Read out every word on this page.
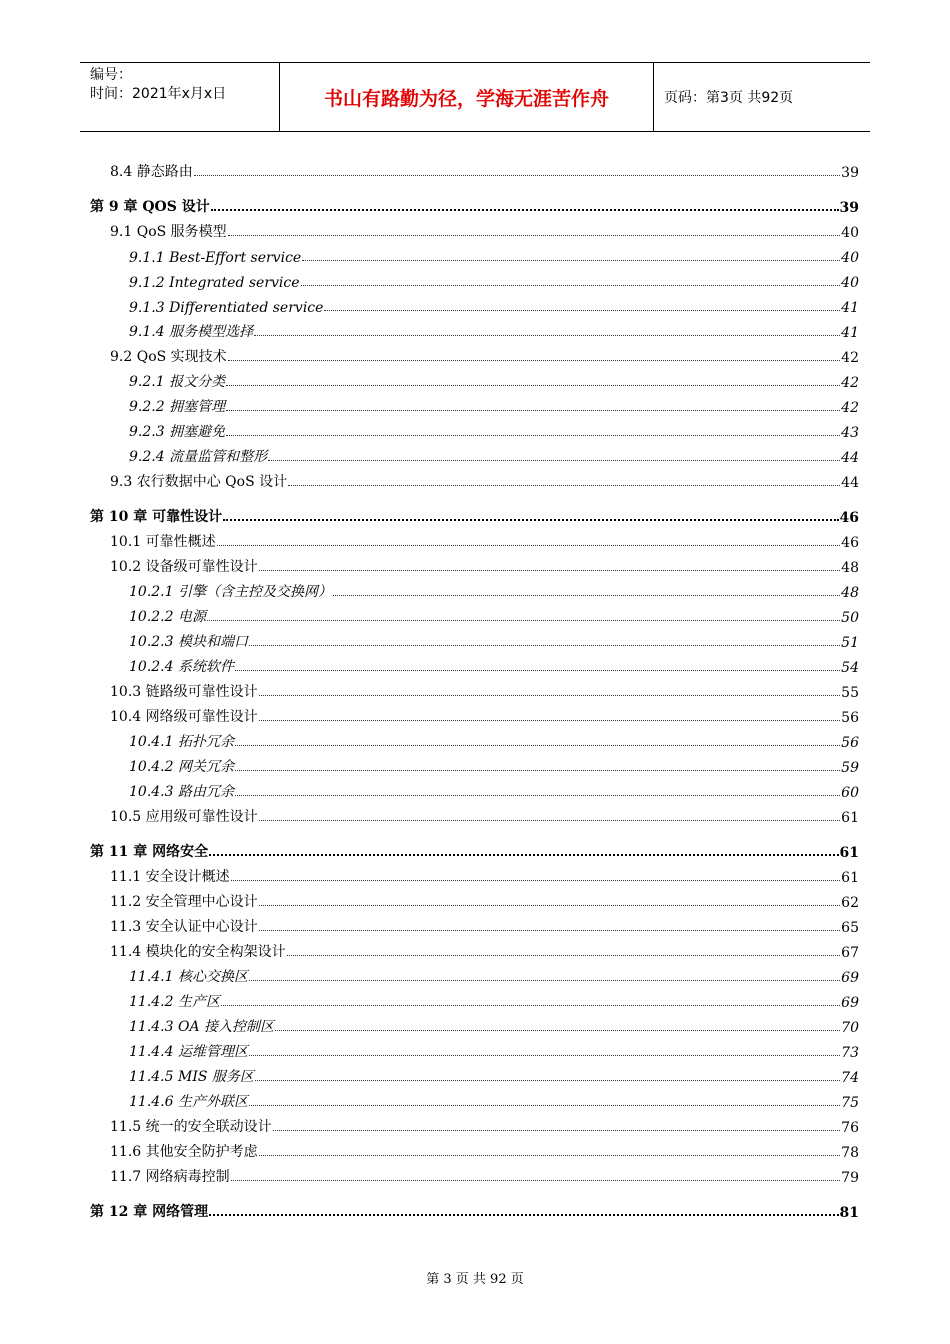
编号：
时间：2021年x月x日	书山有路勤为径，学海无涯苦作舟	页码：第3页 共92页
8.4 静态路由	39
第 9 章 QOS 设计	39
9.1 QoS 服务模型	40
9.1.1 Best-Effort service	40
9.1.2 Integrated service	40
9.1.3 Differentiated service	41
9.1.4 服务模型选择	41
9.2 QoS 实现技术	42
9.2.1 报文分类	42
9.2.2 拥塞管理	42
9.2.3 拥塞避免	43
9.2.4 流量监管和整形	44
9.3 农行数据中心 QoS 设计	44
第 10 章 可靠性设计	46
10.1 可靠性概述	46
10.2 设备级可靠性设计	48
10.2.1 引擎（含主控及交换网）	48
10.2.2 电源	50
10.2.3 模块和端口	51
10.2.4 系统软件	54
10.3 链路级可靠性设计	55
10.4 网络级可靠性设计	56
10.4.1 拓扑冗余	56
10.4.2 网关冗余	59
10.4.3 路由冗余	60
10.5 应用级可靠性设计	61
第 11 章 网络安全	61
11.1 安全设计概述	61
11.2 安全管理中心设计	62
11.3 安全认证中心设计	65
11.4 模块化的安全构架设计	67
11.4.1 核心交换区	69
11.4.2 生产区	69
11.4.3 OA 接入控制区	70
11.4.4 运维管理区	73
11.4.5 MIS 服务区	74
11.4.6 生产外联区	75
11.5 统一的安全联动设计	76
11.6 其他安全防护考虑	78
11.7 网络病毒控制	79
第 12 章 网络管理	81
第 3 页 共 92 页
